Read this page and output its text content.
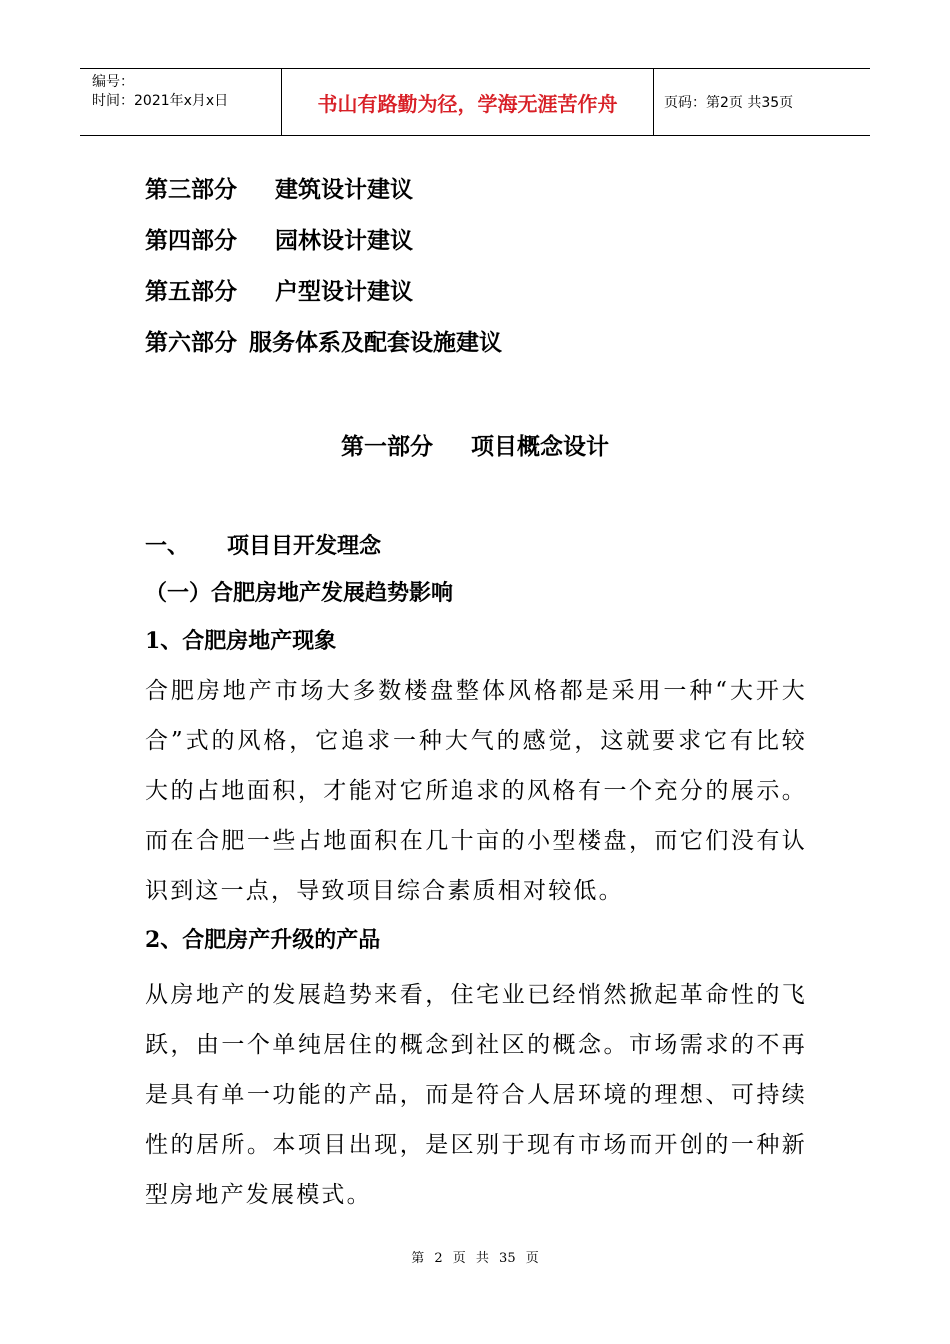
编号：
时间：2021年x月x日	书山有路勤为径，学海无涯苦作舟	页码：第2页 共35页
第三部分 建筑设计建议
第四部分 园林设计建议
第五部分 户型设计建议
第六部分 服务体系及配套设施建议
第一部分 项目概念设计
一、 项目目开发理念
（一）合肥房地产发展趋势影响
1、合肥房地产现象

合肥房地产市场大多数楼盘整体风格都是采用一种“大开大合”式的风格，它追求一种大气的感觉，这就要求它有比较大的占地面积，才能对它所追求的风格有一个充分的展示。而在合肥一些占地面积在几十亩的小型楼盘，而它们没有认识到这一点，导致项目综合素质相对较低。

2、合肥房产升级的产品

从房地产的发展趋势来看，住宅业已经悄然掀起革命性的飞跃，由一个单纯居住的概念到社区的概念。市场需求的不再是具有单一功能的产品，而是符合人居环境的理想、可持续性的居所。本项目出现，是区别于现有市场而开创的一种新型房地产发展模式。

第 2 页 共 35 页
